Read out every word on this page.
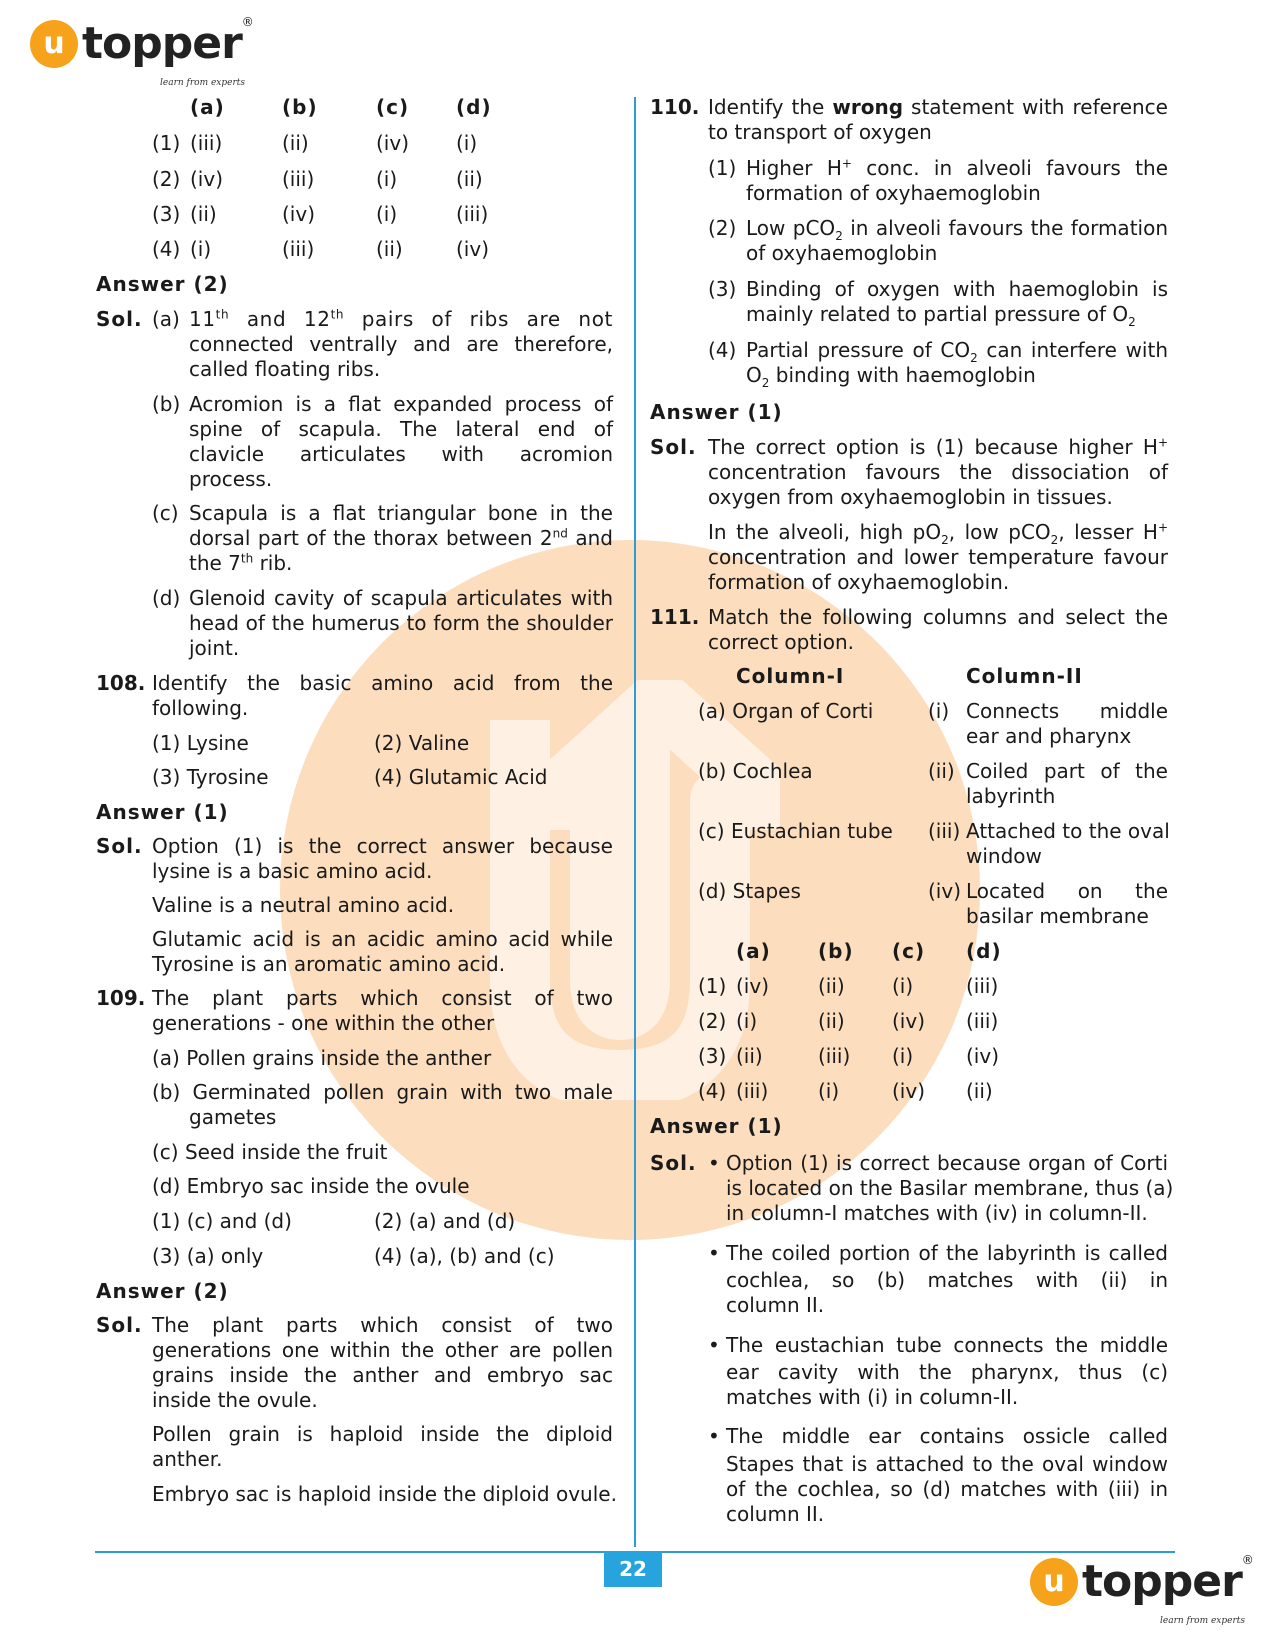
u topper ®
learn from experts
(a)	(b)	(c) (d)
(1) (iii)	(ii)	(iv) (i)
(2) (iv)	(iii)	(i)	(ii)
(3) (ii)	(iv)	(i)	(iii)
(4) (i)	(iii)	(ii)	(iv)
Answer (2)
Sol. (a) 11th and 12th pairs of ribs are not
connected ventrally and are therefore,
called floating ribs.
(b) Acromion is a flat expanded process of
spine of scapula. The lateral end of
clavicle articulates with acromion
process.
(c) Scapula is a flat triangular bone in the
dorsal part of the thorax between 2nd and
the 7th rib.
(d) Glenoid cavity of scapula articulates with
head of the humerus to form the shoulder
joint.
108. Identify the basic amino acid from the
following.
(1) Lysine	(2) Valine
(3) Tyrosine	(4) Glutamic Acid
Answer (1)
Sol. Option (1) is the correct answer because
lysine is a basic amino acid.
Valine is a neutral amino acid.
Glutamic acid is an acidic amino acid while
Tyrosine is an aromatic amino acid.
109. The plant parts which consist of two
generations - one within the other
(a) Pollen grains inside the anther
(b) Germinated pollen grain with two male
gametes
(c) Seed inside the fruit
(d) Embryo sac inside the ovule
(1) (c) and (d)	(2) (a) and (d)
(3) (a) only	(4) (a), (b) and (c)
Answer (2)
Sol. The plant parts which consist of two
generations one within the other are pollen
grains inside the anther and embryo sac
inside the ovule.
Pollen grain is haploid inside the diploid
anther.
Embryo sac is haploid inside the diploid ovule.
110. Identify the wrong statement with reference
to transport of oxygen
(1) Higher H+ conc. in alveoli favours the
formation of oxyhaemoglobin
(2) Low pCO$_2$ in alveoli favours the formation
of oxyhaemoglobin
(3) Binding of oxygen with haemoglobin is
mainly related to partial pressure of $O_2$
(4) Partial pressure of $CO_2$ can interfere with
$O_2$ binding with haemoglobin
Answer (1)
Sol. The correct option is (1) because higher H+
concentration favours the dissociation of
oxygen from oxyhaemoglobin in tissues.
In the alveoli, high $pO_2$, low pCO$_2$, lesser H+
concentration and lower temperature favour
formation of oxyhaemoglobin.
111. Match the following columns and select the
correct option.
Column-I	Column-II
(a) Organ of Corti	(i) Connects middle
ear and pharynx
(b) Cochlea	(ii) Coiled part of the
labyrinth
(c) Eustachian tube (iii) Attached to the oval
window
(d) Stapes	(iv) Located on the
basilar membrane
(a) (b) (c) (d)
(1) (iv) (ii) (i)	(iii)
(2) (i)	(ii) (iv) (iii)
(3) (ii)	(iii) (i)	(iv)
(4) (iii) (i)	(iv) (ii)
Answer (1)
Sol. • Option (1) is correct because organ of Corti
is located on the Basilar membrane, thus (a)
in column-I matches with (iv) in column-II.
• The coiled portion of the labyrinth is called
cochlea, so (b) matches with (ii) in
column II.
• The eustachian tube connects the middle
ear cavity with the pharynx, thus (c)
matches with (i) in column-II.
• The middle ear contains ossicle called
Stapes that is attached to the oval window
of the cochlea, so (d) matches with (iii) in
column II.
22	u topper ®
learn from experts
